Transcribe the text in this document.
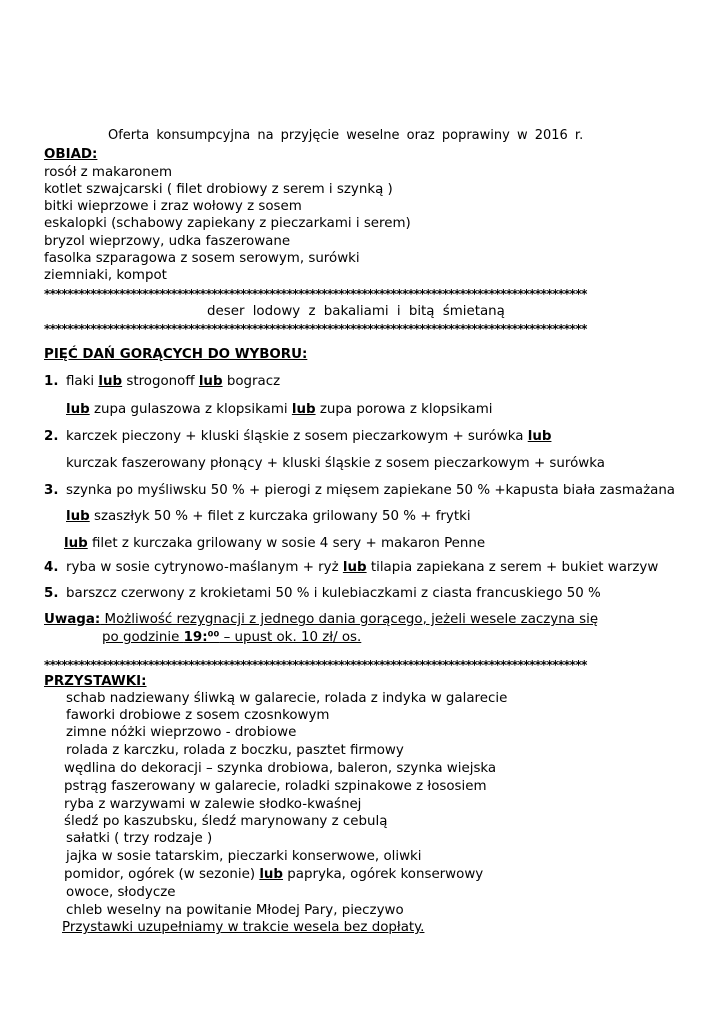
Oferta konsumpcyjna na przyjęcie weselne oraz poprawiny w 2016 r.
OBIAD:
rosół z makaronem
kotlet szwajcarski ( filet drobiowy z serem i szynką )
bitki wieprzowe i zraz wołowy z sosem
eskalopki (schabowy zapiekany z pieczarkami i serem)
bryzol wieprzowy, udka faszerowane
fasolka szparagowa z sosem serowym, surówki
ziemniaki, kompot
**********************************************************************************************
deser lodowy z bakaliami i bitą śmietaną
**********************************************************************************************
PIĘĆ DAŃ GORĄCYCH DO WYBORU:
1. flaki lub strogonoff lub bogracz
lub zupa gulaszowa z klopsikami lub zupa porowa z klopsikami
2. karczek pieczony + kluski śląskie z sosem pieczarkowym + surówka lub
kurczak faszerowany płonący + kluski śląskie z sosem pieczarkowym + surówka
3. szynka po myśliwsku 50 % + pierogi z mięsem zapiekane 50 % +kapusta biała zasmażana
lub szaszłyk 50 % + filet z kurczaka grilowany 50 % + frytki
lub filet z kurczaka grilowany w sosie 4 sery + makaron Penne
4. ryba w sosie cytrynowo-maślanym + ryż lub tilapia zapiekana z serem + bukiet warzyw
5. barszcz czerwony z krokietami 50 % i kulebiaczkami z ciasta francuskiego 50 %
Uwaga: Możliwość rezygnacji z jednego dania gorącego, jeżeli wesele zaczyna się
po godzinie 19:⁰⁰ – upust ok. 10 zł/ os.
**********************************************************************************************
PRZYSTAWKI:
schab nadziewany śliwką w galarecie, rolada z indyka w galarecie
faworki drobiowe z sosem czosnkowym
zimne nóżki wieprzowo - drobiowe
rolada z karczku, rolada z boczku, pasztet firmowy
wędlina do dekoracji – szynka drobiowa, baleron, szynka wiejska
pstrąg faszerowany w galarecie, roladki szpinakowe z łososiem
ryba z warzywami w zalewie słodko-kwaśnej
śledź po kaszubsku, śledź marynowany z cebulą
sałatki ( trzy rodzaje )
jajka w sosie tatarskim, pieczarki konserwowe, oliwki
pomidor, ogórek (w sezonie) lub papryka, ogórek konserwowy
owoce, słodycze
chleb weselny na powitanie Młodej Pary, pieczywo
Przystawki uzupełniamy w trakcie wesela bez dopłaty.
